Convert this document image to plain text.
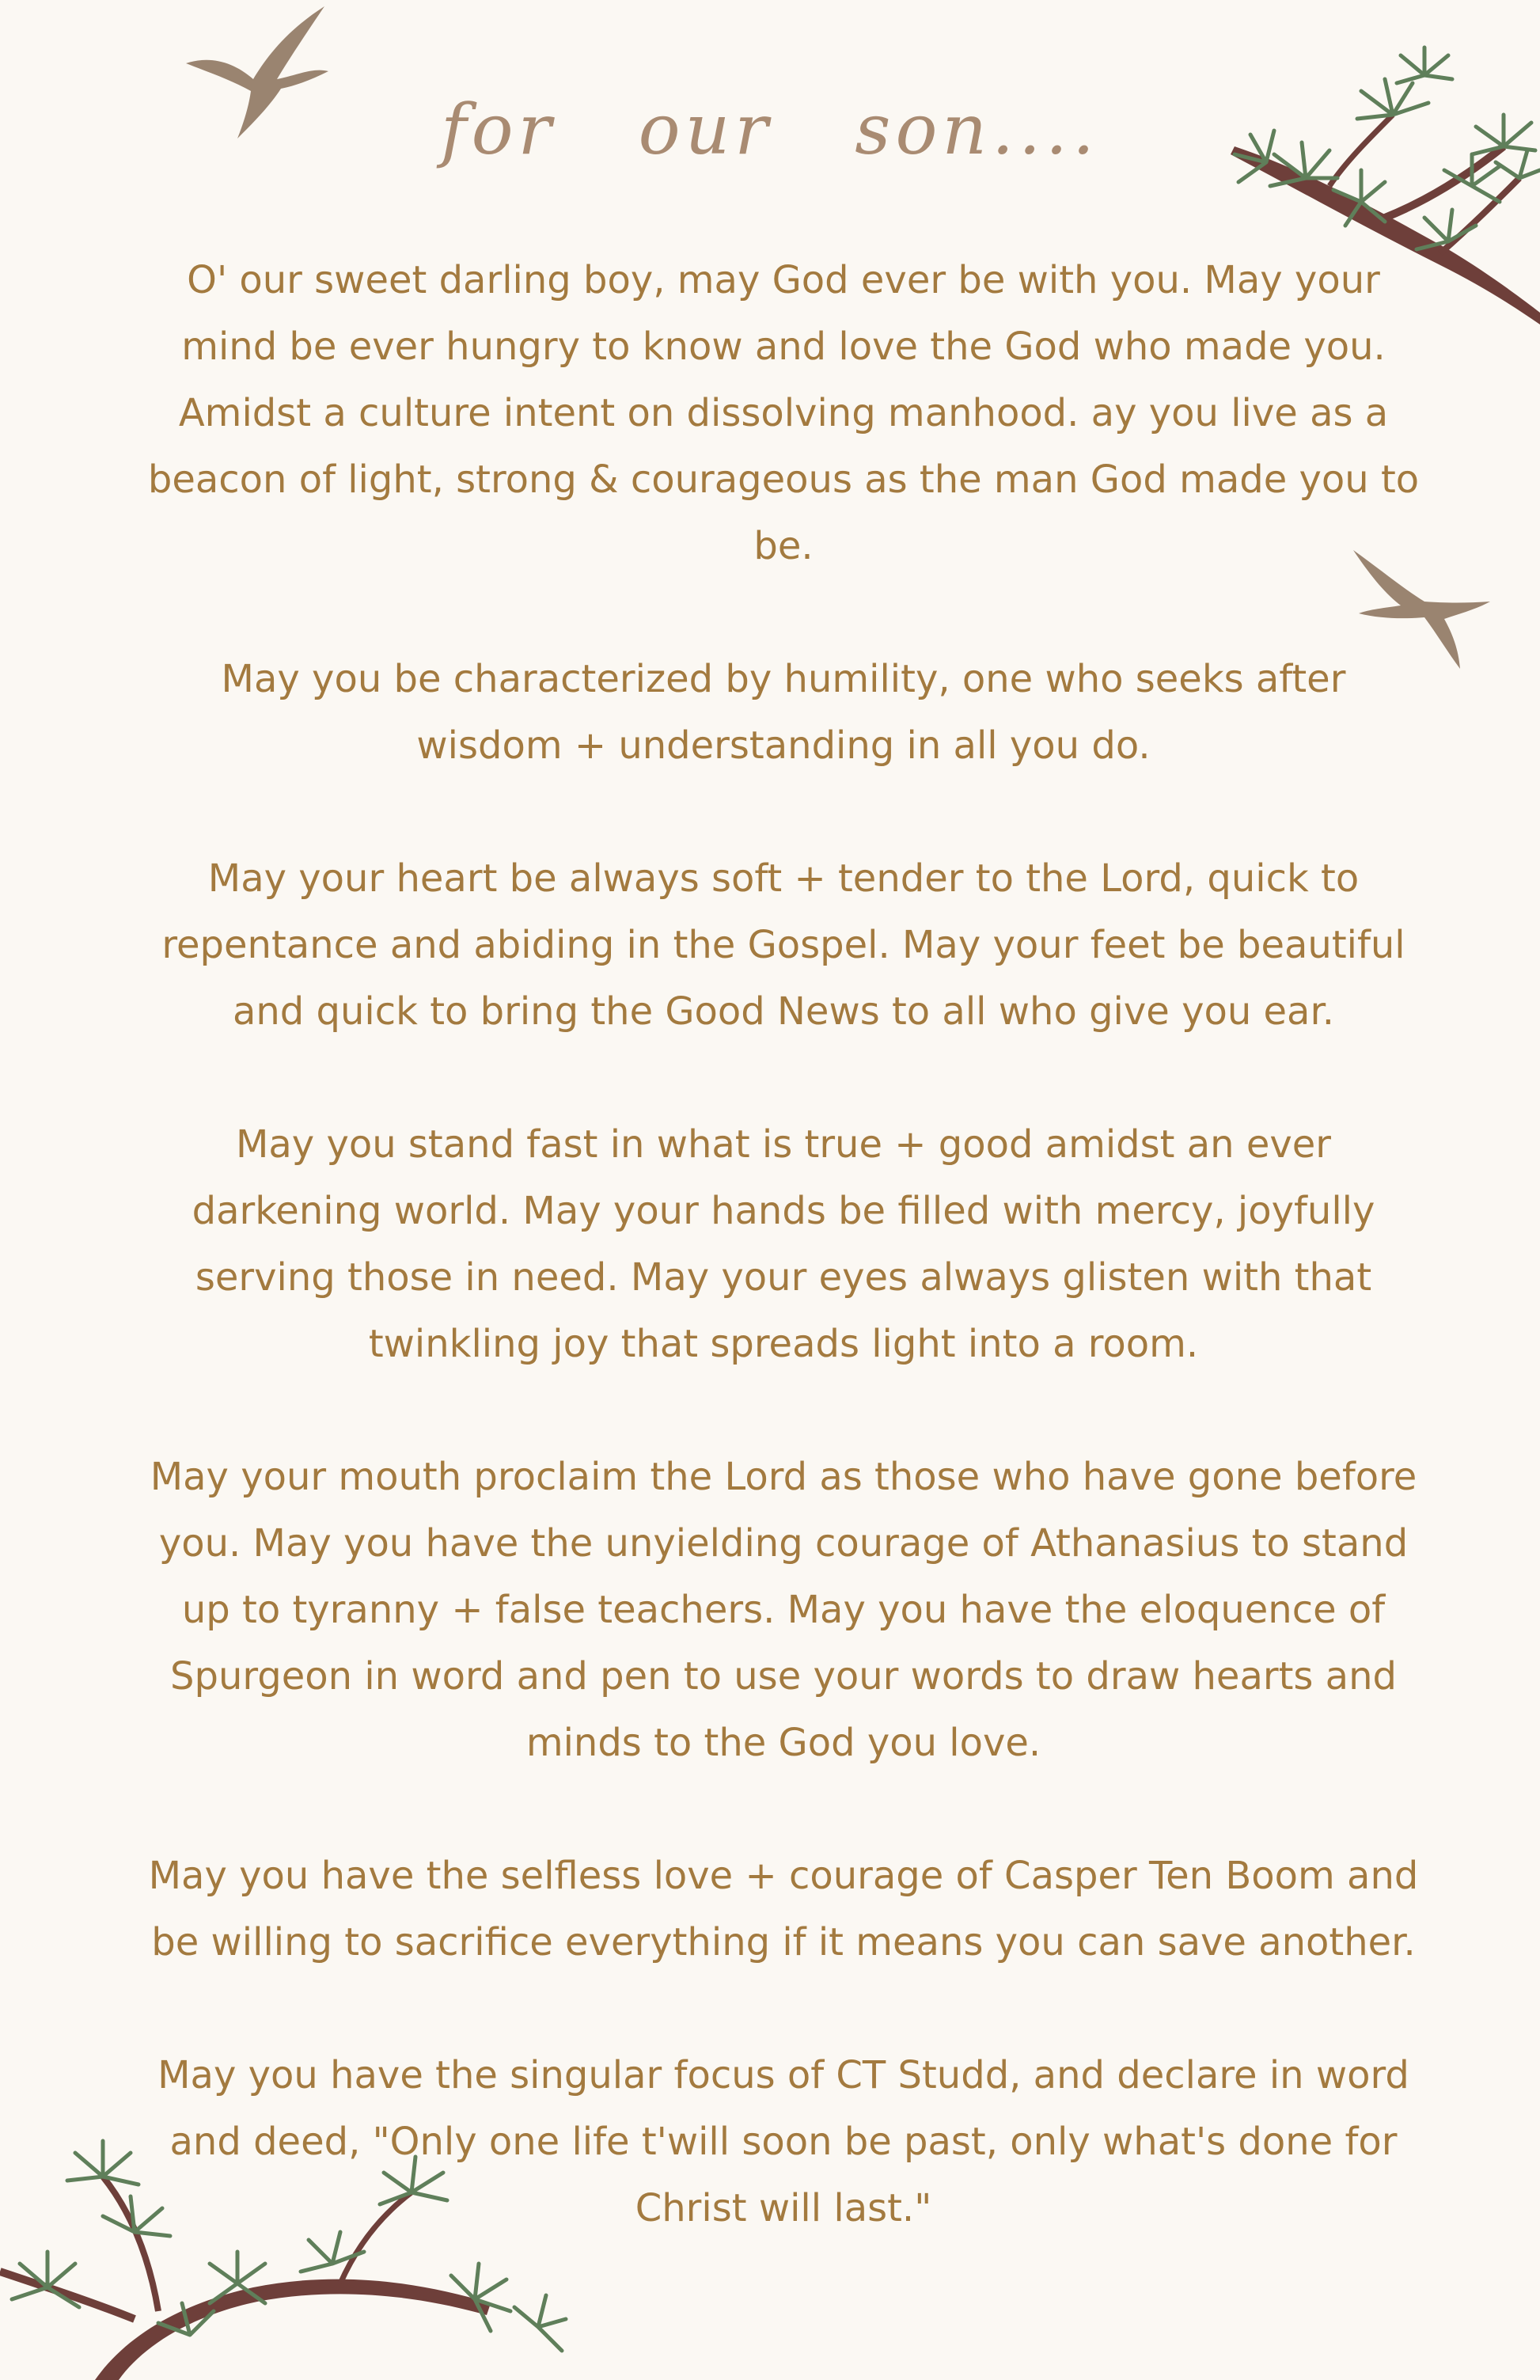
for our son....

O' our sweet darling boy, may God ever be with you. May your mind be ever hungry to know and love the God who made you. Amidst a culture intent on dissolving manhood. ay you live as a beacon of light, strong & courageous as the man God made you to be.

May you be characterized by humility, one who seeks after wisdom + understanding in all you do.

May your heart be always soft + tender to the Lord, quick to repentance and abiding in the Gospel. May your feet be beautiful and quick to bring the Good News to all who give you ear.

May you stand fast in what is true + good amidst an ever darkening world. May your hands be filled with mercy, joyfully serving those in need. May your eyes always glisten with that twinkling joy that spreads light into a room.

May your mouth proclaim the Lord as those who have gone before you. May you have the unyielding courage of Athanasius to stand up to tyranny + false teachers. May you have the eloquence of Spurgeon in word and pen to use your words to draw hearts and minds to the God you love.

May you have the selfless love + courage of Casper Ten Boom and be willing to sacrifice everything if it means you can save another.

May you have the singular focus of CT Studd, and declare in word and deed, "Only one life t'will soon be past, only what's done for Christ will last."
